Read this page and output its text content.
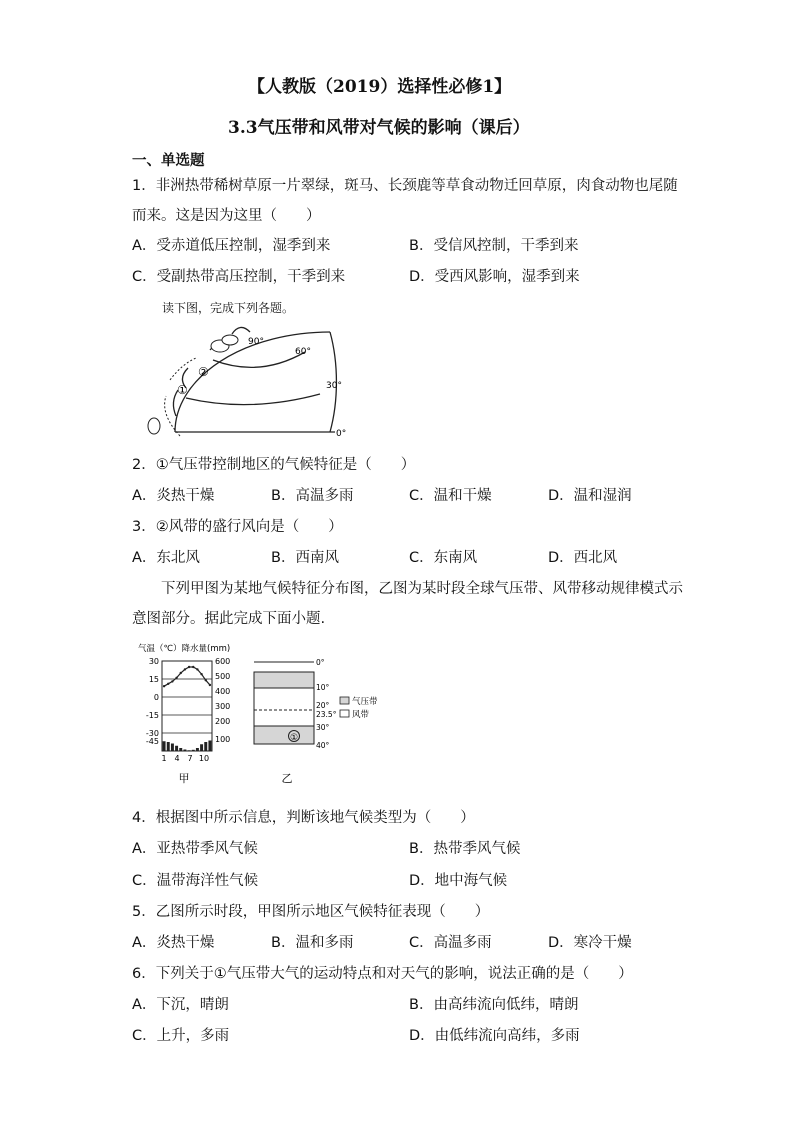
【人教版（2019）选择性必修1】
3.3气压带和风带对气候的影响（课后）
一、单选题
1．非洲热带稀树草原一片翠绿，斑马、长颈鹿等草食动物迁回草原，肉食动物也尾随
而来。这是因为这里（　　）
A．受赤道低压控制，湿季到来	B．受信风控制，干季到来
C．受副热带高压控制，干季到来	D．受西风影响，湿季到来
读下图，完成下列各题。
90°
60°
30°
0°
①
②
2．①气压带控制地区的气候特征是（　　）
A．炎热干燥	B．高温多雨	C．温和干燥	D．温和湿润
3．②风带的盛行风向是（　　）
A．东北风	B．西南风	C．东南风	D．西北风
下列甲图为某地气候特征分布图，乙图为某时段全球气压带、风带移动规律模式示
意图部分。据此完成下面小题.
气温（℃）降水量(mm)
30
15
0
-15
-30
-45
600
500
400
300
200
100
1 4 7 10
甲
0°
10°
20°
23.5°
30°
40°
①
气压带
风带
乙
4．根据图中所示信息，判断该地气候类型为（　　）
A．亚热带季风气候	B．热带季风气候
C．温带海洋性气候	D．地中海气候
5．乙图所示时段，甲图所示地区气候特征表现（　　）
A．炎热干燥	B．温和多雨	C．高温多雨	D．寒冷干燥
6．下列关于①气压带大气的运动特点和对天气的影响，说法正确的是（　　）
A．下沉，晴朗	B．由高纬流向低纬，晴朗
C．上升，多雨	D．由低纬流向高纬，多雨
